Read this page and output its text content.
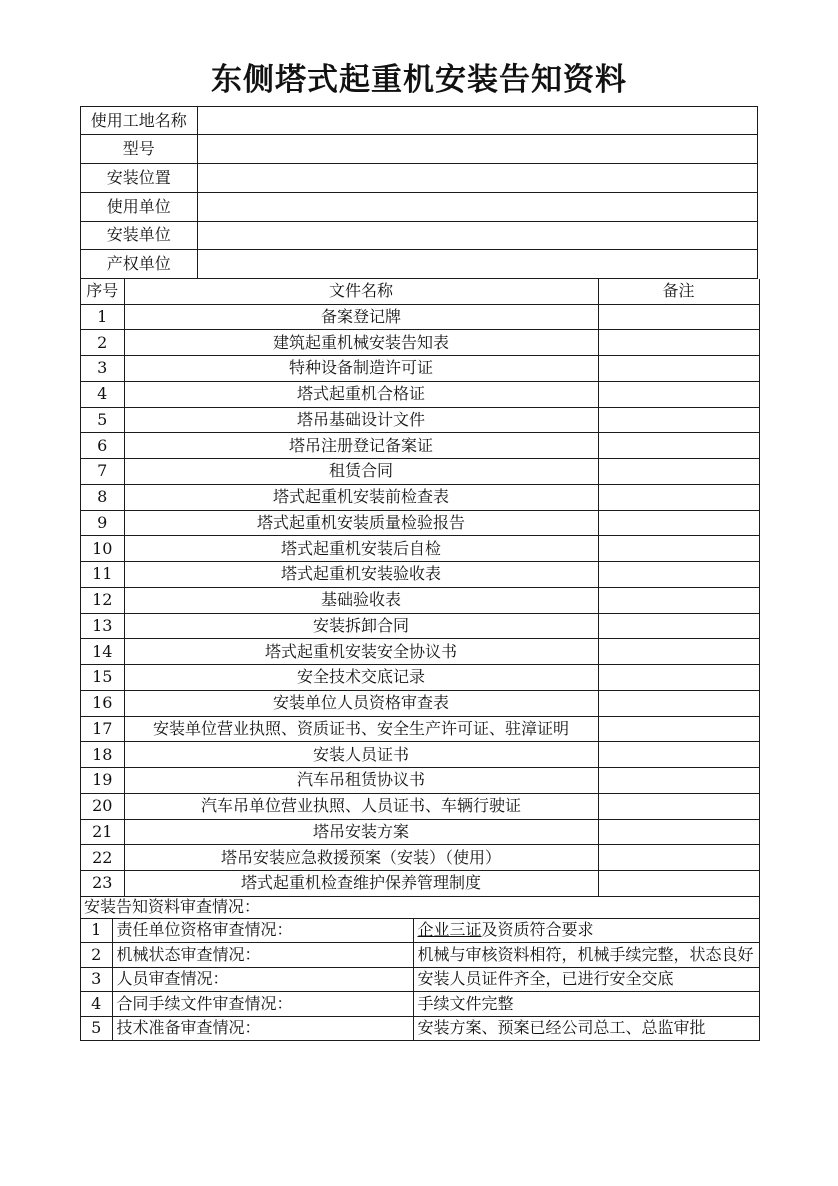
东侧塔式起重机安装告知资料
使用工地名称	
型号	
安装位置	
使用单位	
安装单位	
产权单位	
序号	文件名称	备注
1	备案登记牌	
2	建筑起重机械安装告知表	
3	特种设备制造许可证	
4	塔式起重机合格证	
5	塔吊基础设计文件	
6	塔吊注册登记备案证	
7	租赁合同	
8	塔式起重机安装前检查表	
9	塔式起重机安装质量检验报告	
10	塔式起重机安装后自检	
11	塔式起重机安装验收表	
12	基础验收表	
13	安装拆卸合同	
14	塔式起重机安装安全协议书	
15	安全技术交底记录	
16	安装单位人员资格审查表	
17	安装单位营业执照、资质证书、安全生产许可证、驻漳证明	
18	安装人员证书	
19	汽车吊租赁协议书	
20	汽车吊单位营业执照、人员证书、车辆行驶证	
21	塔吊安装方案	
22	塔吊安装应急救援预案（安装）（使用）	
23	塔式起重机检查维护保养管理制度	
安装告知资料审查情况：		
1	责任单位资格审查情况：	企业三证及资质符合要求
2	机械状态审查情况：	机械与审核资料相符，机械手续完整，状态良好
3	人员审查情况：	安装人员证件齐全，已进行安全交底
4	合同手续文件审查情况：	手续文件完整
5	技术准备审查情况：	安装方案、预案已经公司总工、总监审批
